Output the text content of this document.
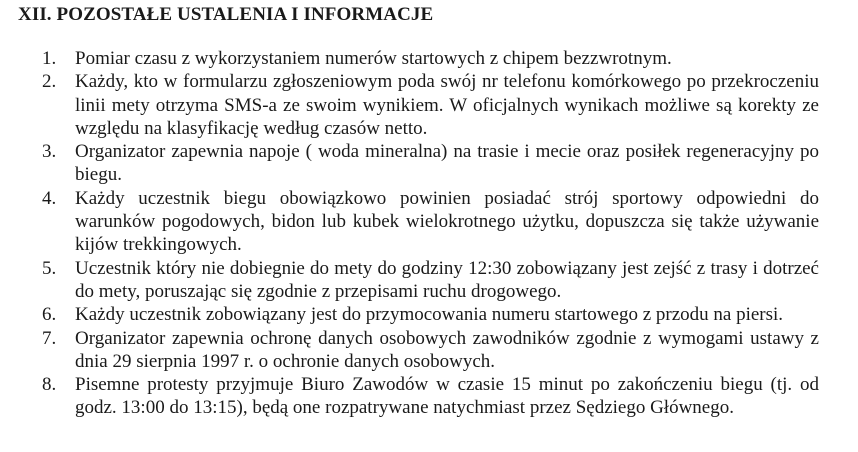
XII. POZOSTAŁE USTALENIA I INFORMACJE
1. Pomiar czasu z wykorzystaniem numerów startowych z chipem bezzwrotnym.
2. Każdy, kto w formularzu zgłoszeniowym poda swój nr telefonu komórkowego po przekroczeniu linii mety otrzyma SMS-a ze swoim wynikiem. W oficjalnych wynikach możliwe są korekty ze względu na klasyfikację według czasów netto.
3. Organizator zapewnia napoje ( woda mineralna) na trasie i mecie oraz posiłek regeneracyjny po biegu.
4. Każdy uczestnik biegu obowiązkowo powinien posiadać strój sportowy odpowiedni do warunków pogodowych, bidon lub kubek wielokrotnego użytku, dopuszcza się także używanie kijów trekkingowych.
5. Uczestnik który nie dobiegnie do mety do godziny 12:30 zobowiązany jest zejść z trasy i dotrzeć do mety, poruszając się zgodnie z przepisami ruchu drogowego.
6. Każdy uczestnik zobowiązany jest do przymocowania numeru startowego z przodu na piersi.
7. Organizator zapewnia ochronę danych osobowych zawodników zgodnie z wymogami ustawy z dnia 29 sierpnia 1997 r. o ochronie danych osobowych.
8. Pisemne protesty przyjmuje Biuro Zawodów w czasie 15 minut po zakończeniu biegu (tj. od godz. 13:00 do 13:15), będą one rozpatrywane natychmiast przez Sędziego Głównego.
